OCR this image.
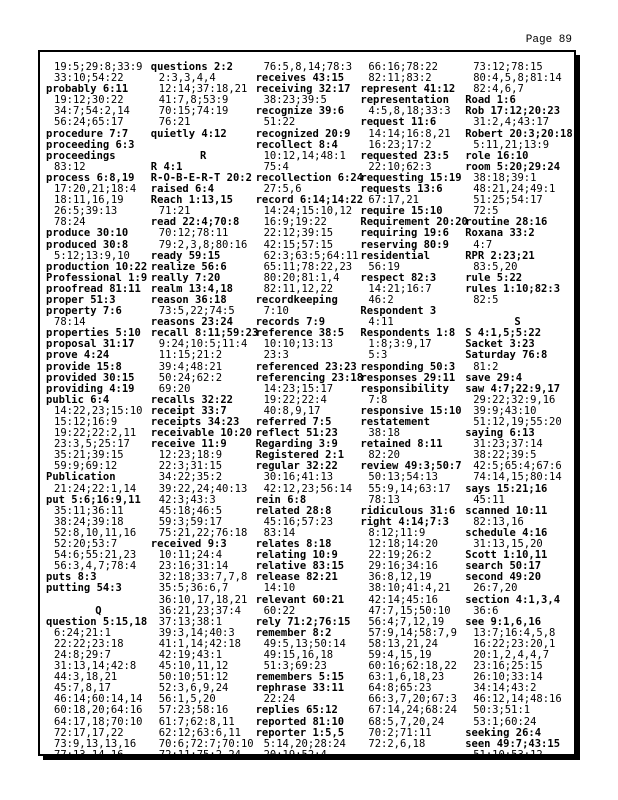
Page 89
19:5;29:8;33:9
33:10;54:22
probably 6:11
19:12;30:22
34:7;54:2,14
56:24;65:17
procedure 7:7
proceeding 6:3
proceedings
83:12
process 6:8,19
17:20,21;18:4
18:11,16,19
26:5;39:13
78:24
produce 30:10
produced 30:8
5:12;13:9,10
production 10:22
Professional 1:9
proofread 81:11
proper 51:3
property 7:6
78:14
properties 5:10
proposal 31:17
prove 4:24
provide 15:8
provided 30:15
providing 4:19
public 6:4
14:22,23;15:10
15:12;16:9
19:22;22:2,11
23:3,5;25:17
35:21;39:15
59:9;69:12
Publication
21:24;22:1,14
put 5:6;16:9,11
35:11;36:11
38:24;39:18
52:8,10,11,16
52:20;53:7
54:6;55:21,23
56:3,4,7;78:4
puts 8:3
putting 54:3

Q
question 5:15,18
6:24;21:1
22:22;23:18
24:8;29:7
31:13,14;42:8
44:3,18,21
45:7,8,17
46:14;60:14,14
60:18,20;64:16
64:17,18;70:10
72:17,17,22
73:9,13,13,16
77:13,14,16
questions 2:2
2:3,3,4,4
12:14;37:18,21
41:7,8;53:9
70:15;74:19
76:21
quietly 4:12

R
R 4:1
R-O-B-E-R-T 20:2
raised 6:4
Reach 1:13,15
71:21
read 22:4;70:8
70:12;78:11
79:2,3,8;80:16
ready 59:15
realize 56:6
really 7:20
realm 13:4,18
reason 36:18
73:5,22;74:5
reasons 23:24
recall 8:11;59:23
9:24;10:5;11:4
11:15;21:2
39:4;48:21
50:24;62:2
69:20
recalls 32:22
receipt 33:7
receipts 34:23
receivable 10:20
receive 11:9
12:23;18:9
22:3;31:15
34:22;35:2
39:22,24;40:13
42:3;43:3
45:18;46:5
59:3;59:17
75:21,22;76:18
received 9:3
10:11;24:4
23:16;31:14
32:18;33:7,7,8
35:5;36:6,7
36:10,17,18,21
36:21,23;37:4
37:13;38:1
39:3,14;40:3
41:1,14;42:18
42:19;43:1
45:10,11,12
50:10;51:12
52:3,6,9,24
56:1,5,20
57:23;58:16
61:7;62:8,11
62:12;63:6,11
70:6;72:7;70:10
72:11;75:2,24
76:5,8,14;78:3
receives 43:15
receiving 32:17
38:23;39:5
recognize 39:6
51:22
recognized 20:9
recollect 8:4
10:12,14;48:1
75:4
recollection 6:24
27:5,6
record 6:14;14:22
14:24;15:10,12
16:9;19:22
22:12;39:15
42:15;57:15
62:3;63:5;64:11
65:11;78:22,23
80:20;81:1,4
82:11,12,22
recordkeeping
7:10
records 7:9
reference 38:5
10:10;13:13
23:3
referenced 23:23
referencing 23:18
14:23;15:17
19:22;22:4
40:8,9,17
referred 7:5
reflect 51:23
Regarding 3:9
Registered 2:1
regular 32:22
30:16;41:13
42:12,23;56:14
rein 6:8
related 28:8
45:16;57:23
83:14
relates 8:18
relating 10:9
relative 83:15
release 82:21
14:10
relevant 60:21
60:22
rely 71:2;76:15
remember 8:2
49:5,13;50:14
49:15,16,18
51:3;69:23
remembers 5:15
rephrase 33:11
22:24
replies 65:12
reported 81:10
reporter 1:5,5
5:14,20;28:24
20:19;52:4
66:16;78:22
82:11;83:2
represent 41:12
representation
4:5,8,18;33:3
request 11:6
14:14;16:8,21
16:23;17:2
requested 23:5
22:10;62:3
requesting 15:19
requests 13:6
67:17,21
require 15:10
Requirement 20:20
requiring 19:6
reserving 80:9
residential
56:19
respect 82:3
14:21;16:7
46:2
Respondent 3
4:11
Respondents 1:8
1:8;3:9,17
5:3
responding 50:3
responses 29:11
responsibility
7:8
responsive 15:10
restatement
38:18
retained 8:11
82:20
review 49:3;50:7
50:13;54:13
55:9,14;63:17
78:13
ridiculous 31:6
right 4:14;7:3
8:12;11:9
12:18;14:20
22:19;26:2
29:16;34:16
36:8,12,19
38:10;41:4,21
42:14;45:16
47:7,15;50:10
56:4;7,12,19
57:9,14;58:7,9
58:13,21,24
59:4,15,19
60:16;62:18,22
63:1,6,18,23
64:8;65:23
66:3,7,20;67:3
67:14,24;68:24
68:5,7,20,24
70:2;71:11
72:2,6,18
73:12;78:15
80:4,5,8;81:14
82:4,6,7
Road 1:6
Rob 17:12;20:23
31:2,4;43:17
Robert 20:3;20:18
5:11,21;13:9
role 16:10
room 5:20;29:24
38:18;39:1
48:21,24;49:1
51:25;54:17
72:5
routine 28:16
Roxana 33:2
4:7
RPR 2:23;21
83:5,20
rule 5:22
rules 1:10;82:3
82:5

S
S 4:1,5;5:22
Sacket 3:23
Saturday 76:8
81:2
save 29:4
saw 4:7;22:9,17
29:22;32:9,16
39:9;43:10
51:12,19;55:20
saying 6:13
31:23;37:14
38:22;39:5
42:5;65:4;67:6
74:14,15;80:14
says 15:21;16
45:11
scanned 10:11
82:13,16
schedule 4:16
31:13,15,20
Scott 1:10,11
search 50:17
second 49:20
26:7,20
section 4:1,3,4
36:6
see 9:1,6,16
13:7;16:4,5,8
16:22;23:20,1
20:1,2,4,4,7
23:16;25:15
26:10;33:14
34:14;43:2
46:12,14;48:16
50:3;51:1
53:1;60:24
seeking 26:4
seen 49:7;43:15
51:10;53:12
